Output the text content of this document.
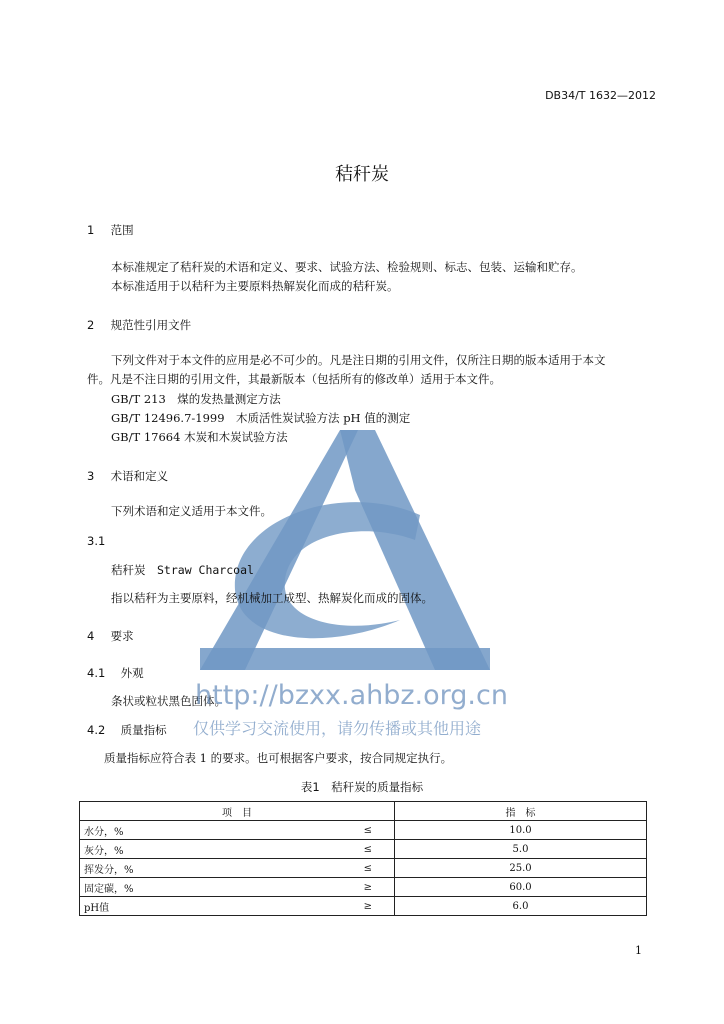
DB34/T 1632—2012
秸秆炭
1 范围
本标准规定了秸秆炭的术语和定义、要求、试验方法、检验规则、标志、包装、运输和贮存。
本标准适用于以秸秆为主要原料热解炭化而成的秸秆炭。
2 规范性引用文件
下列文件对于本文件的应用是必不可少的。凡是注日期的引用文件，仅所注日期的版本适用于本文
件。凡是不注日期的引用文件，其最新版本（包括所有的修改单）适用于本文件。
GB/T 213　煤的发热量测定方法
GB/T 12496.7-1999　木质活性炭试验方法 pH 值的测定
GB/T 17664 木炭和木炭试验方法
3 术语和定义
下列术语和定义适用于本文件。
3.1
秸秆炭　Straw Charcoal
指以秸秆为主要原料，经机械加工成型、热解炭化而成的固体。
4 要求
4.1 外观
条状或粒状黑色固体。
http://bzxx.ahbz.org.cn
仅供学习交流使用，请勿传播或其他用途
4.2 质量指标
质量指标应符合表 1 的要求。也可根据客户要求，按合同规定执行。
表1　秸秆炭的质量指标
项　目		指　标
水分，%	≤	10.0
灰分，%	≤	5.0
挥发分，%	≤	25.0
固定碳，%	≥	60.0
pH值	≥	6.0
1
